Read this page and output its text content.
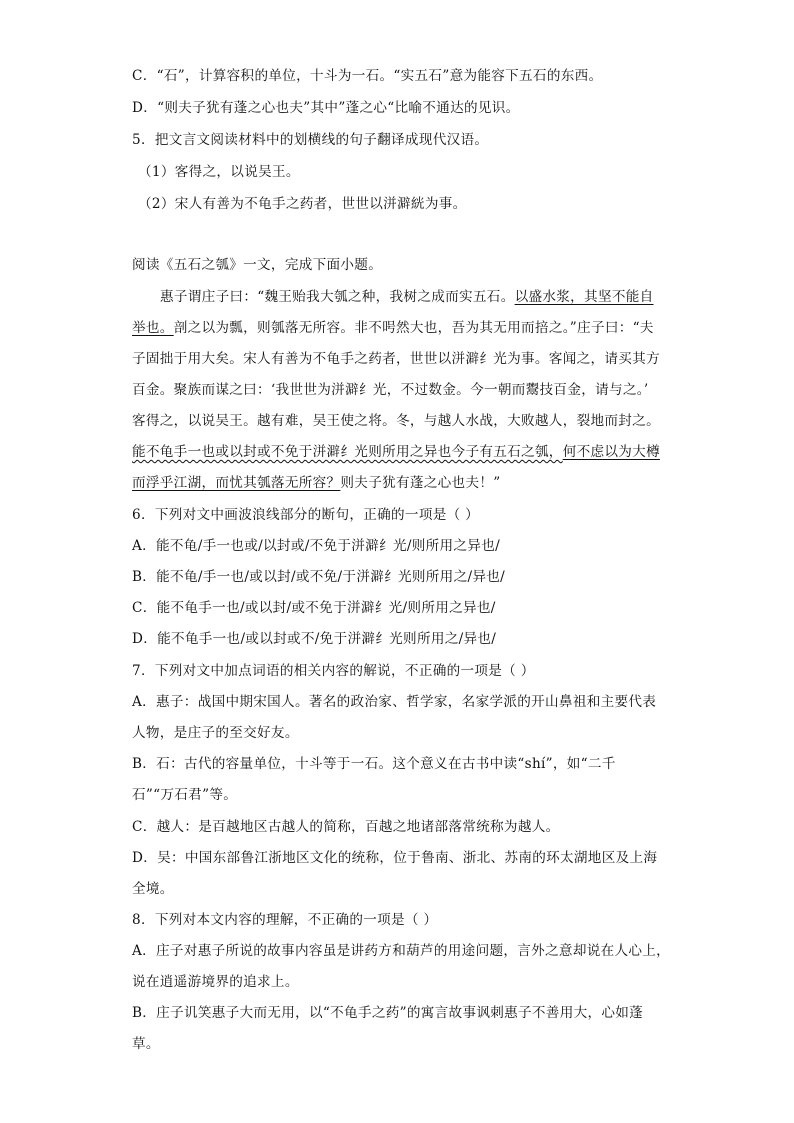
C．“石”，计算容积的单位，十斗为一石。“实五石”意为能容下五石的东西。
D．“则夫子犹有蓬之心也夫”其中”蓬之心“比喻不通达的见识。
5．把文言文阅读材料中的划横线的句子翻译成现代汉语。
（1）客得之，以说吴王。
（2）宋人有善为不龟手之药者，世世以洴澼絖为事。
阅读《五石之瓠》一文，完成下面小题。
惠子谓庄子曰：“魏王贻我大瓠之种，我树之成而实五石。以盛水浆，其坚不能自
举也。剖之以为瓢，则瓠落无所容。非不呺然大也，吾为其无用而掊之。”庄子曰：“夫
子固拙于用大矣。宋人有善为不龟手之药者，世世以洴澼纟光为事。客闻之，请买其方
百金。聚族而谋之曰：‘我世世为洴澼纟光，不过数金。今一朝而鬻技百金，请与之。’
客得之，以说吴王。越有难，吴王使之将。冬，与越人水战，大败越人，裂地而封之。
能不龟手一也或以封或不免于洴澼纟光则所用之异也今子有五石之瓠，何不虑以为大樽
而浮乎江湖，而忧其瓠落无所容？则夫子犹有蓬之心也夫！”
6．下列对文中画波浪线部分的断句，正确的一项是（ ）
A．能不龟/手一也或/以封或/不免于洴澼纟光/则所用之异也/
B．能不龟/手一也/或以封/或不免/于洴澼纟光则所用之/异也/
C．能不龟手一也/或以封/或不免于洴澼纟光/则所用之异也/
D．能不龟手一也/或以封或不/免于洴澼纟光则所用之/异也/
7．下列对文中加点词语的相关内容的解说，不正确的一项是（ ）
A．惠子：战国中期宋国人。著名的政治家、哲学家，名家学派的开山鼻祖和主要代表
人物，是庄子的至交好友。
B．石：古代的容量单位，十斗等于一石。这个意义在古书中读“shí”，如“二千
石”“万石君”等。
C．越人：是百越地区古越人的简称，百越之地诸部落常统称为越人。
D．吴：中国东部鲁江浙地区文化的统称，位于鲁南、浙北、苏南的环太湖地区及上海
全境。
8．下列对本文内容的理解，不正确的一项是（ ）
A．庄子对惠子所说的故事内容虽是讲药方和葫芦的用途问题，言外之意却说在人心上，
说在逍遥游境界的追求上。
B．庄子讥笑惠子大而无用，以“不龟手之药”的寓言故事讽刺惠子不善用大，心如蓬
草。
